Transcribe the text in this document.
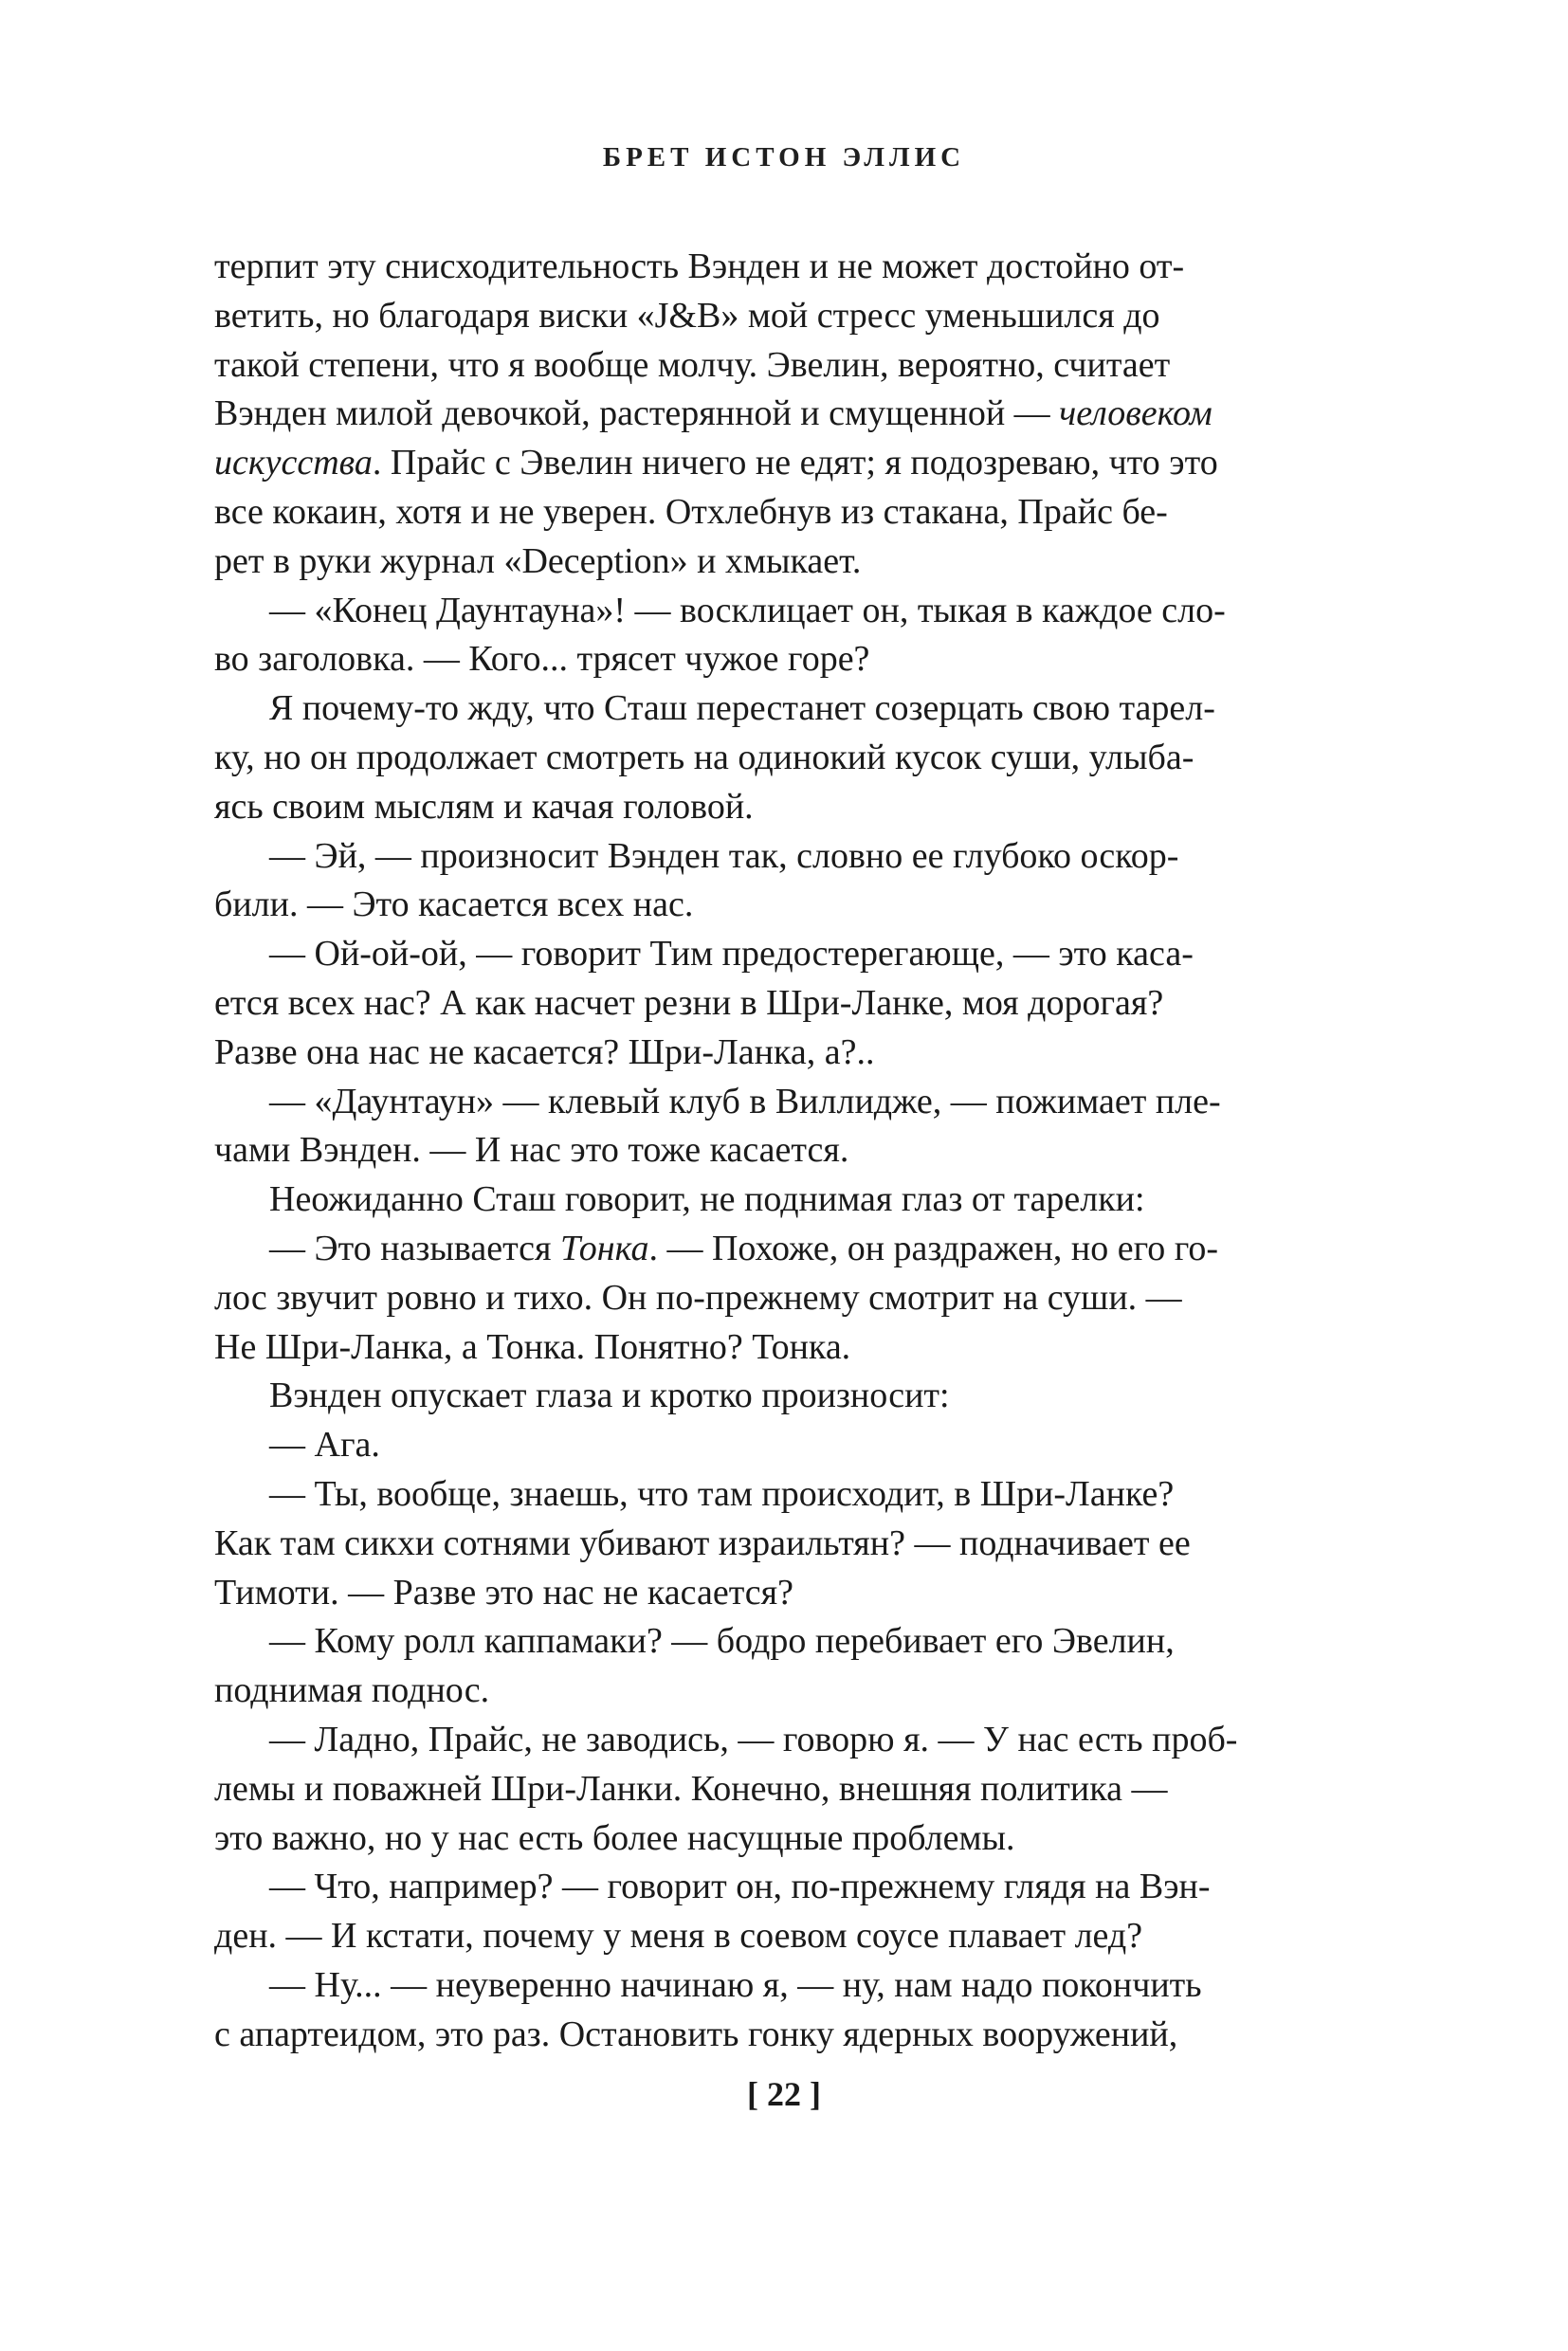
БРЕТ ИСТОН ЭЛЛИС
терпит эту снисходительность Вэнден и не может достойно от-
ветить, но благодаря виски «J&B» мой стресс уменьшился до
такой степени, что я вообще молчу. Эвелин, вероятно, считает
Вэнден милой девочкой, растерянной и смущенной — человеком
искусства. Прайс с Эвелин ничего не едят; я подозреваю, что это
все кокаин, хотя и не уверен. Отхлебнув из стакана, Прайс бе-
рет в руки журнал «Deception» и хмыкает.
— «Конец Даунтауна»! — восклицает он, тыкая в каждое сло-
во заголовка. — Кого... трясет чужое горе?
Я почему-то жду, что Сташ перестанет созерцать свою тарел-
ку, но он продолжает смотреть на одинокий кусок суши, улыба-
ясь своим мыслям и качая головой.
— Эй, — произносит Вэнден так, словно ее глубоко оскор-
били. — Это касается всех нас.
— Ой-ой-ой, — говорит Тим предостерегающе, — это каса-
ется всех нас? А как насчет резни в Шри-Ланке, моя дорогая?
Разве она нас не касается? Шри-Ланка, а?..
— «Даунтаун» — клевый клуб в Виллидже, — пожимает пле-
чами Вэнден. — И нас это тоже касается.
Неожиданно Сташ говорит, не поднимая глаз от тарелки:
— Это называется Тонка. — Похоже, он раздражен, но его го-
лос звучит ровно и тихо. Он по-прежнему смотрит на суши. —
Не Шри-Ланка, а Тонка. Понятно? Тонка.
Вэнден опускает глаза и кротко произносит:
— Ага.
— Ты, вообще, знаешь, что там происходит, в Шри-Ланке?
Как там сикхи сотнями убивают израильтян? — подначивает ее
Тимоти. — Разве это нас не касается?
— Кому ролл каппамаки? — бодро перебивает его Эвелин,
поднимая поднос.
— Ладно, Прайс, не заводись, — говорю я. — У нас есть проб-
лемы и поважней Шри-Ланки. Конечно, внешняя политика —
это важно, но у нас есть более насущные проблемы.
— Что, например? — говорит он, по-прежнему глядя на Вэн-
ден. — И кстати, почему у меня в соевом соусе плавает лед?
— Ну... — неуверенно начинаю я, — ну, нам надо покончить
с апартеидом, это раз. Остановить гонку ядерных вооружений,
[ 22 ]
